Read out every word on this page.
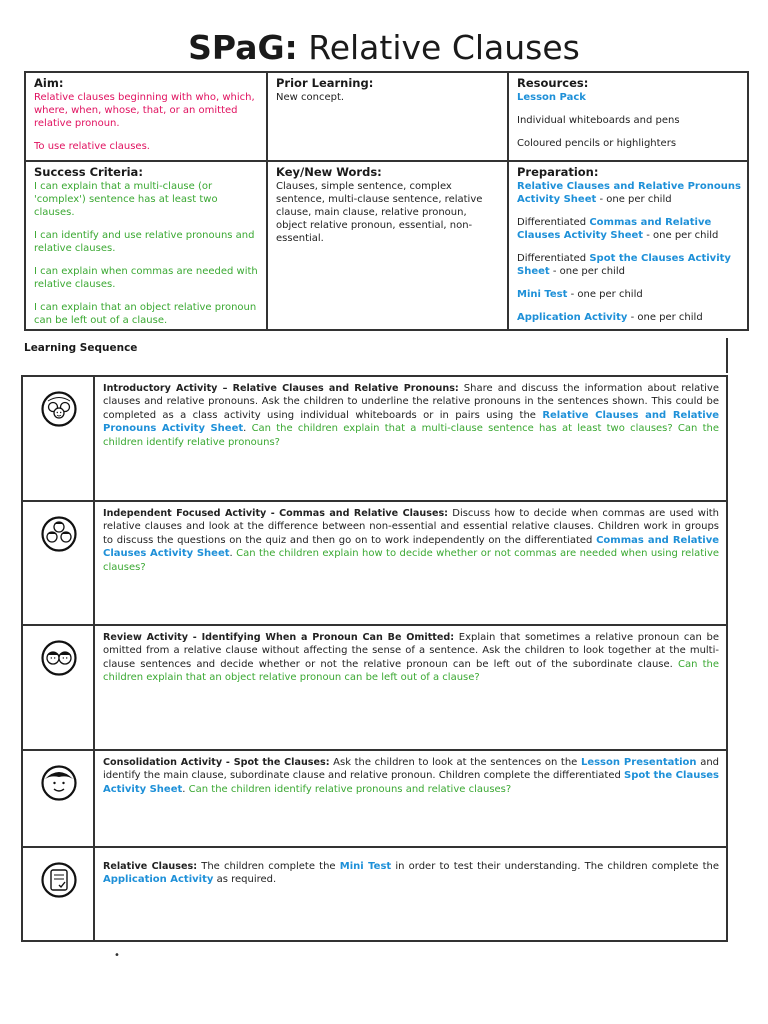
SPaG: Relative Clauses
Aim:

Relative clauses beginning with who, which, where, when, whose, that, or an omitted relative pronoun.

To use relative clauses.

Prior Learning:

New concept.

Resources:

Lesson Pack

Individual whiteboards and pens

Coloured pencils or highlighters

Success Criteria:

I can explain that a multi-clause (or 'complex') sentence has at least two clauses.

I can identify and use relative pronouns and relative clauses.

I can explain when commas are needed with relative clauses.

I can explain that an object relative pronoun can be left out of a clause.

Key/New Words:

Clauses, simple sentence, complex sentence, multi-clause sentence, relative clause, main clause, relative pronoun, object relative pronoun, essential, non-essential.

Preparation:

Relative Clauses and Relative Pronouns Activity Sheet - one per child

Differentiated Commas and Relative Clauses Activity Sheet - one per child

Differentiated Spot the Clauses Activity Sheet - one per child

Mini Test - one per child

Application Activity - one per child

Learning Sequence
Introductory Activity – Relative Clauses and Relative Pronouns: Share and discuss the information about relative clauses and relative pronouns. Ask the children to underline the relative pronouns in the sentences shown. This could be completed as a class activity using individual whiteboards or in pairs using the Relative Clauses and Relative Pronouns Activity Sheet. Can the children explain that a multi-clause sentence has at least two clauses? Can the children identify relative pronouns?
Independent Focused Activity - Commas and Relative Clauses: Discuss how to decide when commas are used with relative clauses and look at the difference between non-essential and essential relative clauses. Children work in groups to discuss the questions on the quiz and then go on to work independently on the differentiated Commas and Relative Clauses Activity Sheet. Can the children explain how to decide whether or not commas are needed when using relative clauses?
Review Activity - Identifying When a Pronoun Can Be Omitted: Explain that sometimes a relative pronoun can be omitted from a relative clause without affecting the sense of a sentence. Ask the children to look together at the multi-clause sentences and decide whether or not the relative pronoun can be left out of the subordinate clause. Can the children explain that an object relative pronoun can be left out of a clause?
Consolidation Activity - Spot the Clauses: Ask the children to look at the sentences on the Lesson Presentation and identify the main clause, subordinate clause and relative pronoun. Children complete the differentiated Spot the Clauses Activity Sheet. Can the children identify relative pronouns and relative clauses?
Relative Clauses: The children complete the Mini Test in order to test their understanding. The children complete the Application Activity as required.
•
